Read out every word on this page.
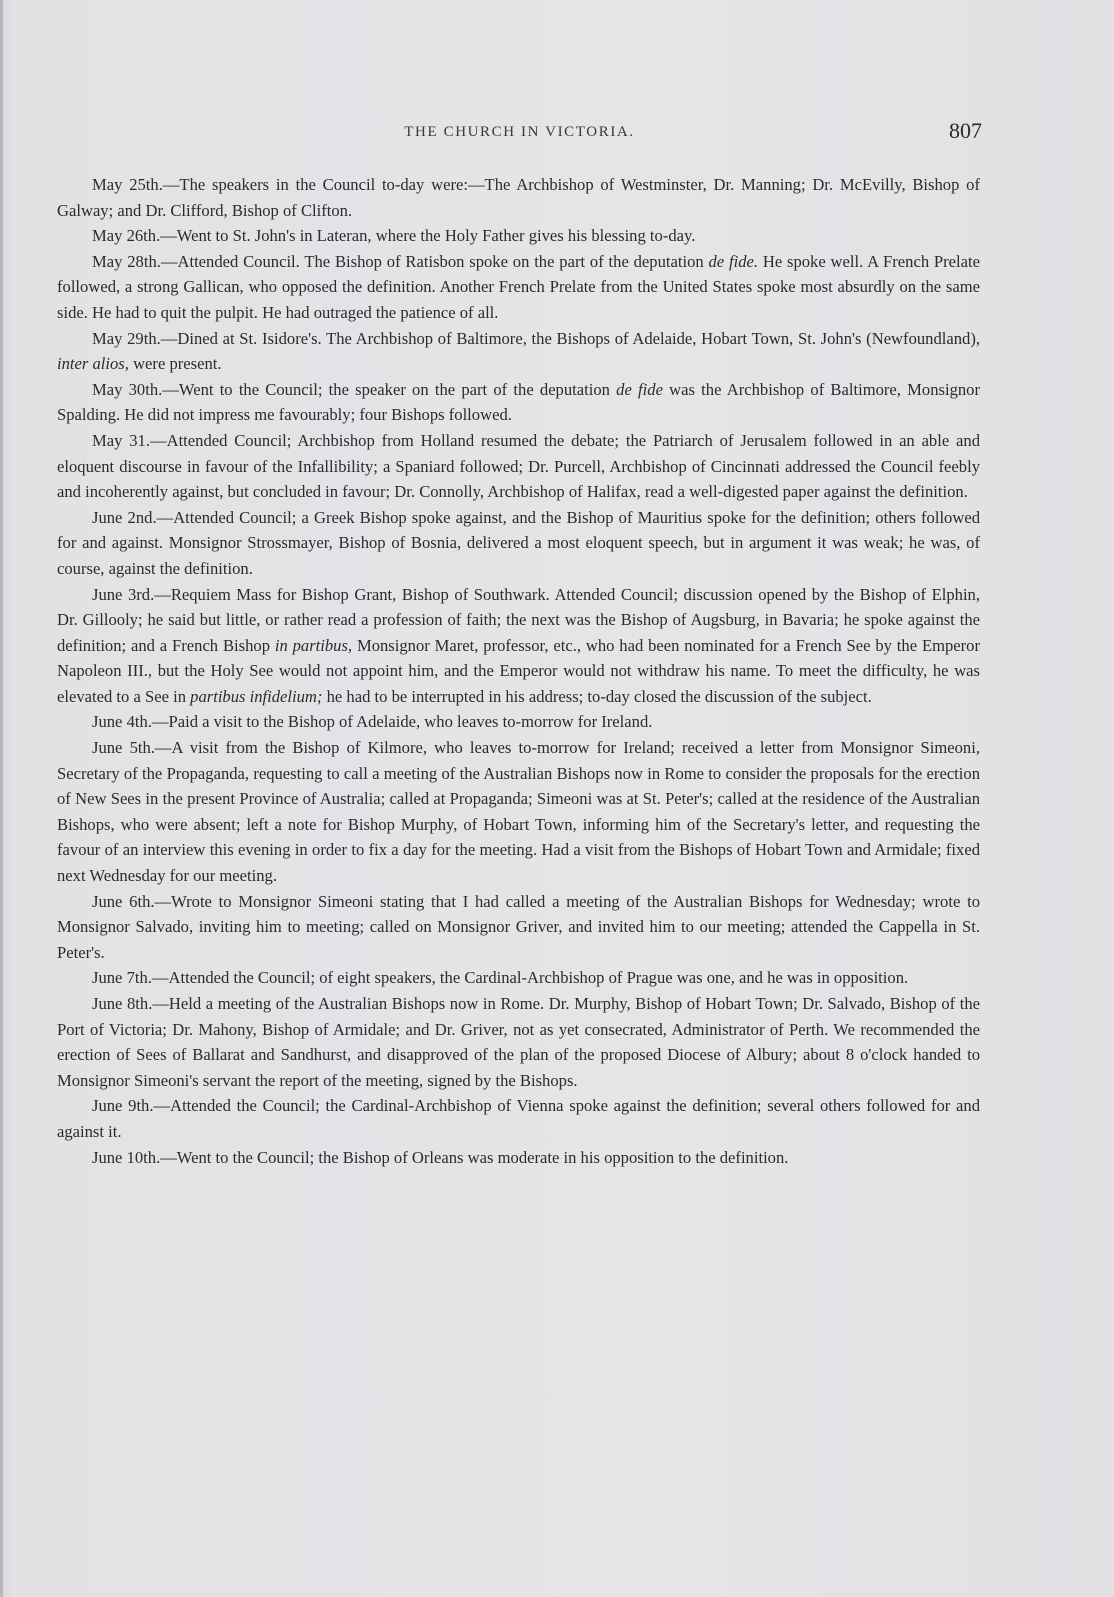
THE CHURCH IN VICTORIA.	807

May 25th.—The speakers in the Council to-day were:—The Archbishop of Westminster, Dr. Manning; Dr. McEvilly, Bishop of Galway; and Dr. Clifford, Bishop of Clifton.

May 26th.—Went to St. John's in Lateran, where the Holy Father gives his blessing to-day.

May 28th.—Attended Council. The Bishop of Ratisbon spoke on the part of the deputation de fide. He spoke well. A French Prelate followed, a strong Gallican, who opposed the definition. Another French Prelate from the United States spoke most absurdly on the same side. He had to quit the pulpit. He had outraged the patience of all.

May 29th.—Dined at St. Isidore's. The Archbishop of Baltimore, the Bishops of Adelaide, Hobart Town, St. John's (Newfoundland), inter alios, were present.

May 30th.—Went to the Council; the speaker on the part of the deputation de fide was the Archbishop of Baltimore, Monsignor Spalding. He did not impress me favourably; four Bishops followed.

May 31.—Attended Council; Archbishop from Holland resumed the debate; the Patriarch of Jerusalem followed in an able and eloquent discourse in favour of the Infallibility; a Spaniard followed; Dr. Purcell, Archbishop of Cincinnati addressed the Council feebly and incoherently against, but concluded in favour; Dr. Connolly, Archbishop of Halifax, read a well-digested paper against the definition.

June 2nd.—Attended Council; a Greek Bishop spoke against, and the Bishop of Mauritius spoke for the definition; others followed for and against. Monsignor Strossmayer, Bishop of Bosnia, delivered a most eloquent speech, but in argument it was weak; he was, of course, against the definition.

June 3rd.—Requiem Mass for Bishop Grant, Bishop of Southwark. Attended Council; discussion opened by the Bishop of Elphin, Dr. Gillooly; he said but little, or rather read a profession of faith; the next was the Bishop of Augsburg, in Bavaria; he spoke against the definition; and a French Bishop in partibus, Monsignor Maret, professor, etc., who had been nominated for a French See by the Emperor Napoleon III., but the Holy See would not appoint him, and the Emperor would not withdraw his name. To meet the difficulty, he was elevated to a See in partibus infidelium; he had to be interrupted in his address; to-day closed the discussion of the subject.

June 4th.—Paid a visit to the Bishop of Adelaide, who leaves to-morrow for Ireland.

June 5th.—A visit from the Bishop of Kilmore, who leaves to-morrow for Ireland; received a letter from Monsignor Simeoni, Secretary of the Propaganda, requesting to call a meeting of the Australian Bishops now in Rome to consider the proposals for the erection of New Sees in the present Province of Australia; called at Propaganda; Simeoni was at St. Peter's; called at the residence of the Australian Bishops, who were absent; left a note for Bishop Murphy, of Hobart Town, informing him of the Secretary's letter, and requesting the favour of an interview this evening in order to fix a day for the meeting. Had a visit from the Bishops of Hobart Town and Armidale; fixed next Wednesday for our meeting.

June 6th.—Wrote to Monsignor Simeoni stating that I had called a meeting of the Australian Bishops for Wednesday; wrote to Monsignor Salvado, inviting him to meeting; called on Monsignor Griver, and invited him to our meeting; attended the Cappella in St. Peter's.

June 7th.—Attended the Council; of eight speakers, the Cardinal-Archbishop of Prague was one, and he was in opposition.

June 8th.—Held a meeting of the Australian Bishops now in Rome. Dr. Murphy, Bishop of Hobart Town; Dr. Salvado, Bishop of the Port of Victoria; Dr. Mahony, Bishop of Armidale; and Dr. Griver, not as yet consecrated, Administrator of Perth. We recommended the erection of Sees of Ballarat and Sandhurst, and disapproved of the plan of the proposed Diocese of Albury; about 8 o'clock handed to Monsignor Simeoni's servant the report of the meeting, signed by the Bishops.

June 9th.—Attended the Council; the Cardinal-Archbishop of Vienna spoke against the definition; several others followed for and against it.

June 10th.—Went to the Council; the Bishop of Orleans was moderate in his opposition to the definition.
